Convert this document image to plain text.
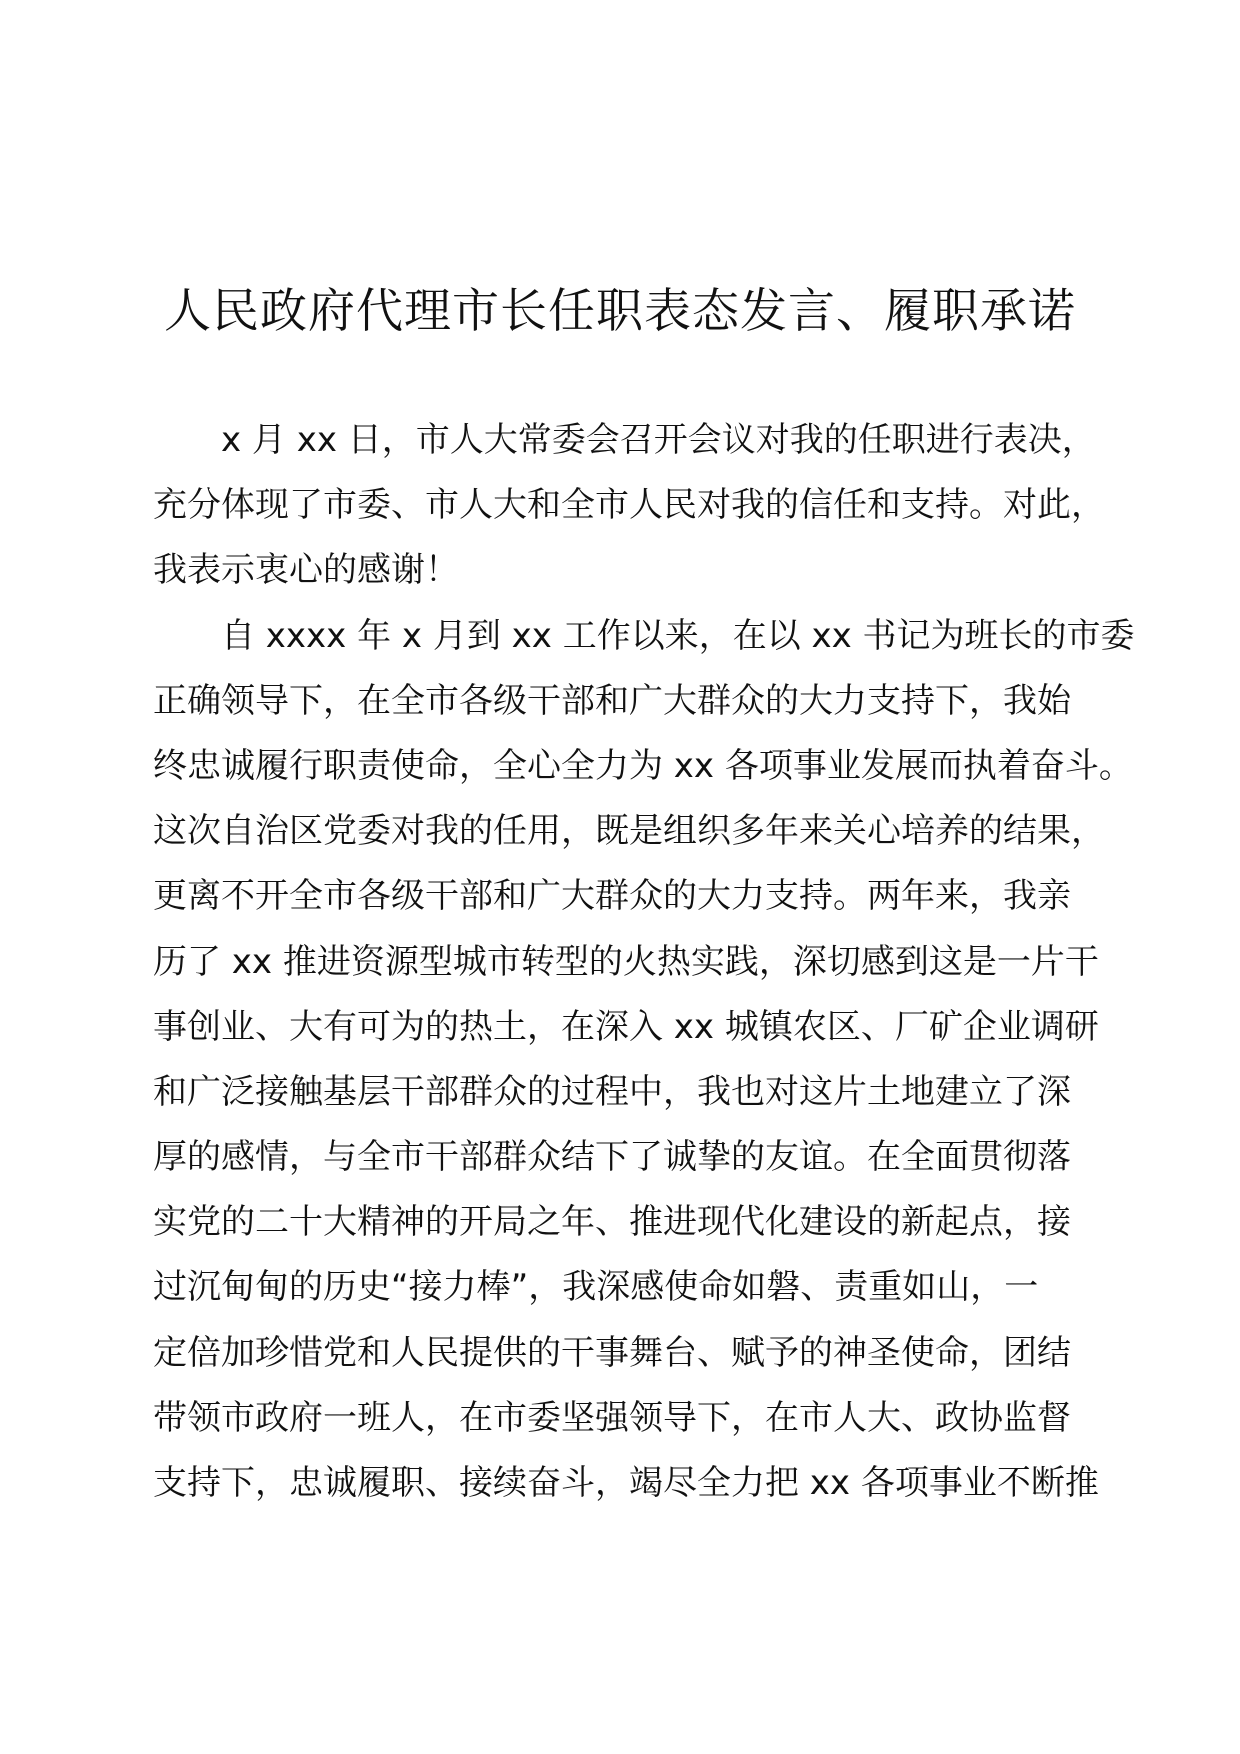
人民政府代理市长任职表态发言、履职承诺
x 月 xx 日，市人大常委会召开会议对我的任职进行表决，
充分体现了市委、市人大和全市人民对我的信任和支持。对此，
我表示衷心的感谢！
自 xxxx 年 x 月到 xx 工作以来，在以 xx 书记为班长的市委
正确领导下，在全市各级干部和广大群众的大力支持下，我始
终忠诚履行职责使命，全心全力为 xx 各项事业发展而执着奋斗。
这次自治区党委对我的任用，既是组织多年来关心培养的结果，
更离不开全市各级干部和广大群众的大力支持。两年来，我亲
历了 xx 推进资源型城市转型的火热实践，深切感到这是一片干
事创业、大有可为的热土，在深入 xx 城镇农区、厂矿企业调研
和广泛接触基层干部群众的过程中，我也对这片土地建立了深
厚的感情，与全市干部群众结下了诚挚的友谊。在全面贯彻落
实党的二十大精神的开局之年、推进现代化建设的新起点，接
过沉甸甸的历史“接力棒”，我深感使命如磐、责重如山，一
定倍加珍惜党和人民提供的干事舞台、赋予的神圣使命，团结
带领市政府一班人，在市委坚强领导下，在市人大、政协监督
支持下，忠诚履职、接续奋斗，竭尽全力把 xx 各项事业不断推
